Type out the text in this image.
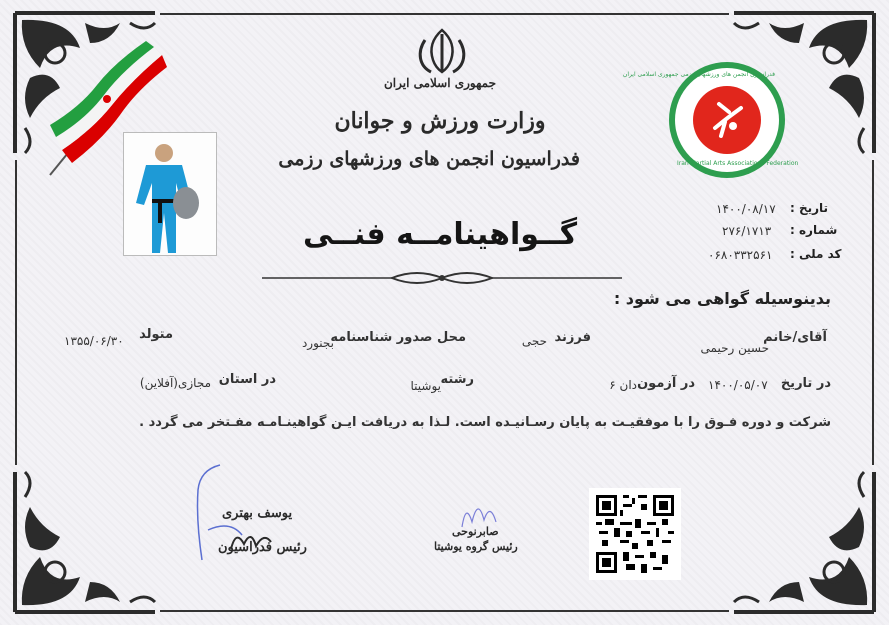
جمهوری اسلامی ایران
وزارت ورزش و جوانان
فدراسیون انجمن های ورزشهای رزمی
فدراسیون انجمن های ورزشهای رزمی جمهوری اسلامی ایران
Iran Martial Arts Associations Federation
تاریخ :
۱۴۰۰/۰۸/۱۷
شماره :
۲۷۶/۱۷۱۳
کد ملی :
۰۶۸۰۳۳۲۵۶۱
گــواهینامــه فنــی
بدینوسیله گواهی می شود :
آقای/خانم
حسین رحیمی
فرزند
حجی
محل صدور شناسنامه
بجنورد
متولد
۱۳۵۵/۰۶/۳۰
در تاریخ
۱۴۰۰/۰۵/۰۷
در آزمون
دان ۶
رشته
یوشیتا
در استان
مجازی(آفلاین)
شرکت و دوره فـوق را با موفقیـت به پایان رسـانیـده است. لـذا به دریافت ایـن گواهینـامـه مفـتخر می گردد .
یوسف بهتری
رئیس فدراسیون
صابرنوحی
رئیس گروه یوشیتا
